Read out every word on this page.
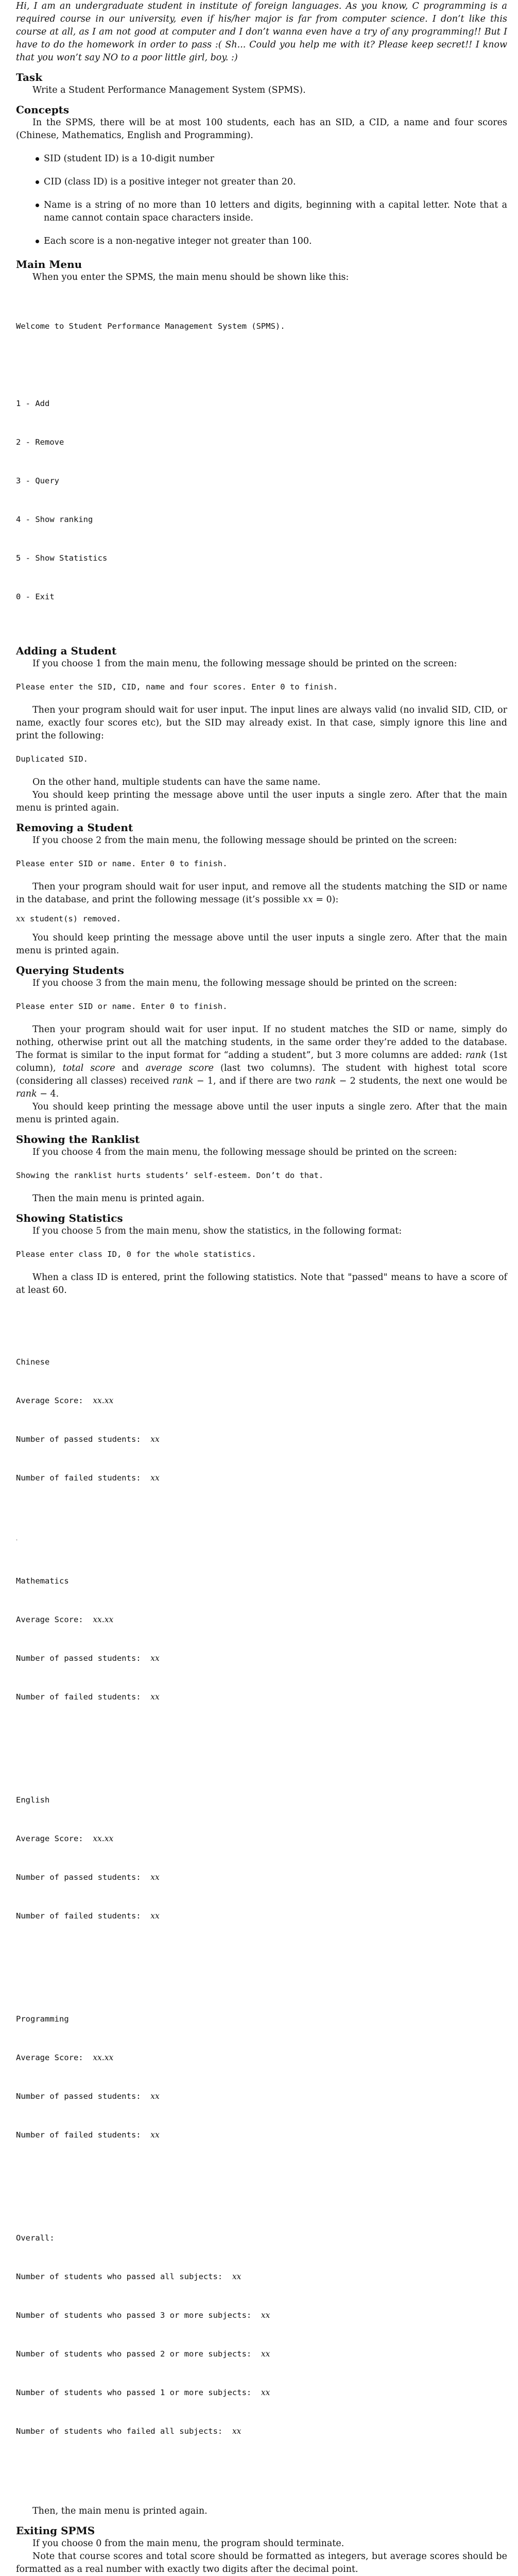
Hi, I am an undergraduate student in institute of foreign languages. As you know, C programming is a required course in our university, even if his/her major is far from computer science. I don’t like this course at all, as I am not good at computer and I don’t wanna even have a try of any programming!! But I have to do the homework in order to pass :( Sh... Could you help me with it? Please keep secret!! I know that you won’t say NO to a poor little girl, boy. :)

Task

Write a Student Performance Management System (SPMS).

Concepts

In the SPMS, there will be at most 100 students, each has an SID, a CID, a name and four scores (Chinese, Mathematics, English and Programming).

SID (student ID) is a 10-digit number
CID (class ID) is a positive integer not greater than 20.
Name is a string of no more than 10 letters and digits, beginning with a capital letter. Note that a name cannot contain space characters inside.
Each score is a non-negative integer not greater than 100.
Main Menu

When you enter the SPMS, the main menu should be shown like this:

Welcome to Student Performance Management System (SPMS).

1 - Add

2 - Remove

3 - Query

4 - Show ranking

5 - Show Statistics

0 - Exit

Adding a Student

If you choose 1 from the main menu, the following message should be printed on the screen:

Please enter the SID, CID, name and four scores. Enter 0 to finish.

Then your program should wait for user input. The input lines are always valid (no invalid SID, CID, or name, exactly four scores etc), but the SID may already exist. In that case, simply ignore this line and print the following:

Duplicated SID.

On the other hand, multiple students can have the same name.

You should keep printing the message above until the user inputs a single zero. After that the main menu is printed again.

Removing a Student

If you choose 2 from the main menu, the following message should be printed on the screen:

Please enter SID or name. Enter 0 to finish.

Then your program should wait for user input, and remove all the students matching the SID or name in the database, and print the following message (it’s possible xx = 0):

xx student(s) removed.

You should keep printing the message above until the user inputs a single zero. After that the main menu is printed again.

Querying Students

If you choose 3 from the main menu, the following message should be printed on the screen:

Please enter SID or name. Enter 0 to finish.

Then your program should wait for user input. If no student matches the SID or name, simply do nothing, otherwise print out all the matching students, in the same order they’re added to the database. The format is similar to the input format for “adding a student”, but 3 more columns are added: rank (1st column), total score and average score (last two columns). The student with highest total score (considering all classes) received rank − 1, and if there are two rank − 2 students, the next one would be rank − 4.

You should keep printing the message above until the user inputs a single zero. After that the main menu is printed again.

Showing the Ranklist

If you choose 4 from the main menu, the following message should be printed on the screen:

Showing the ranklist hurts students’ self-esteem. Don’t do that.

Then the main menu is printed again.

Showing Statistics

If you choose 5 from the main menu, show the statistics, in the following format:

Please enter class ID, 0 for the whole statistics.

When a class ID is entered, print the following statistics. Note that "passed" means to have a score of at least 60.

Chinese

Average Score:  xx.xx

Number of passed students:  xx

Number of failed students:  xx

Mathematics

Average Score:  xx.xx

Number of passed students:  xx

Number of failed students:  xx

English

Average Score:  xx.xx

Number of passed students:  xx

Number of failed students:  xx

Programming

Average Score:  xx.xx

Number of passed students:  xx

Number of failed students:  xx

Overall:

Number of students who passed all subjects:  xx

Number of students who passed 3 or more subjects:  xx

Number of students who passed 2 or more subjects:  xx

Number of students who passed 1 or more subjects:  xx

Number of students who failed all subjects:  xx

Then, the main menu is printed again.

Exiting SPMS

If you choose 0 from the main menu, the program should terminate.

Note that course scores and total score should be formatted as integers, but average scores should be formatted as a real number with exactly two digits after the decimal point.

.
